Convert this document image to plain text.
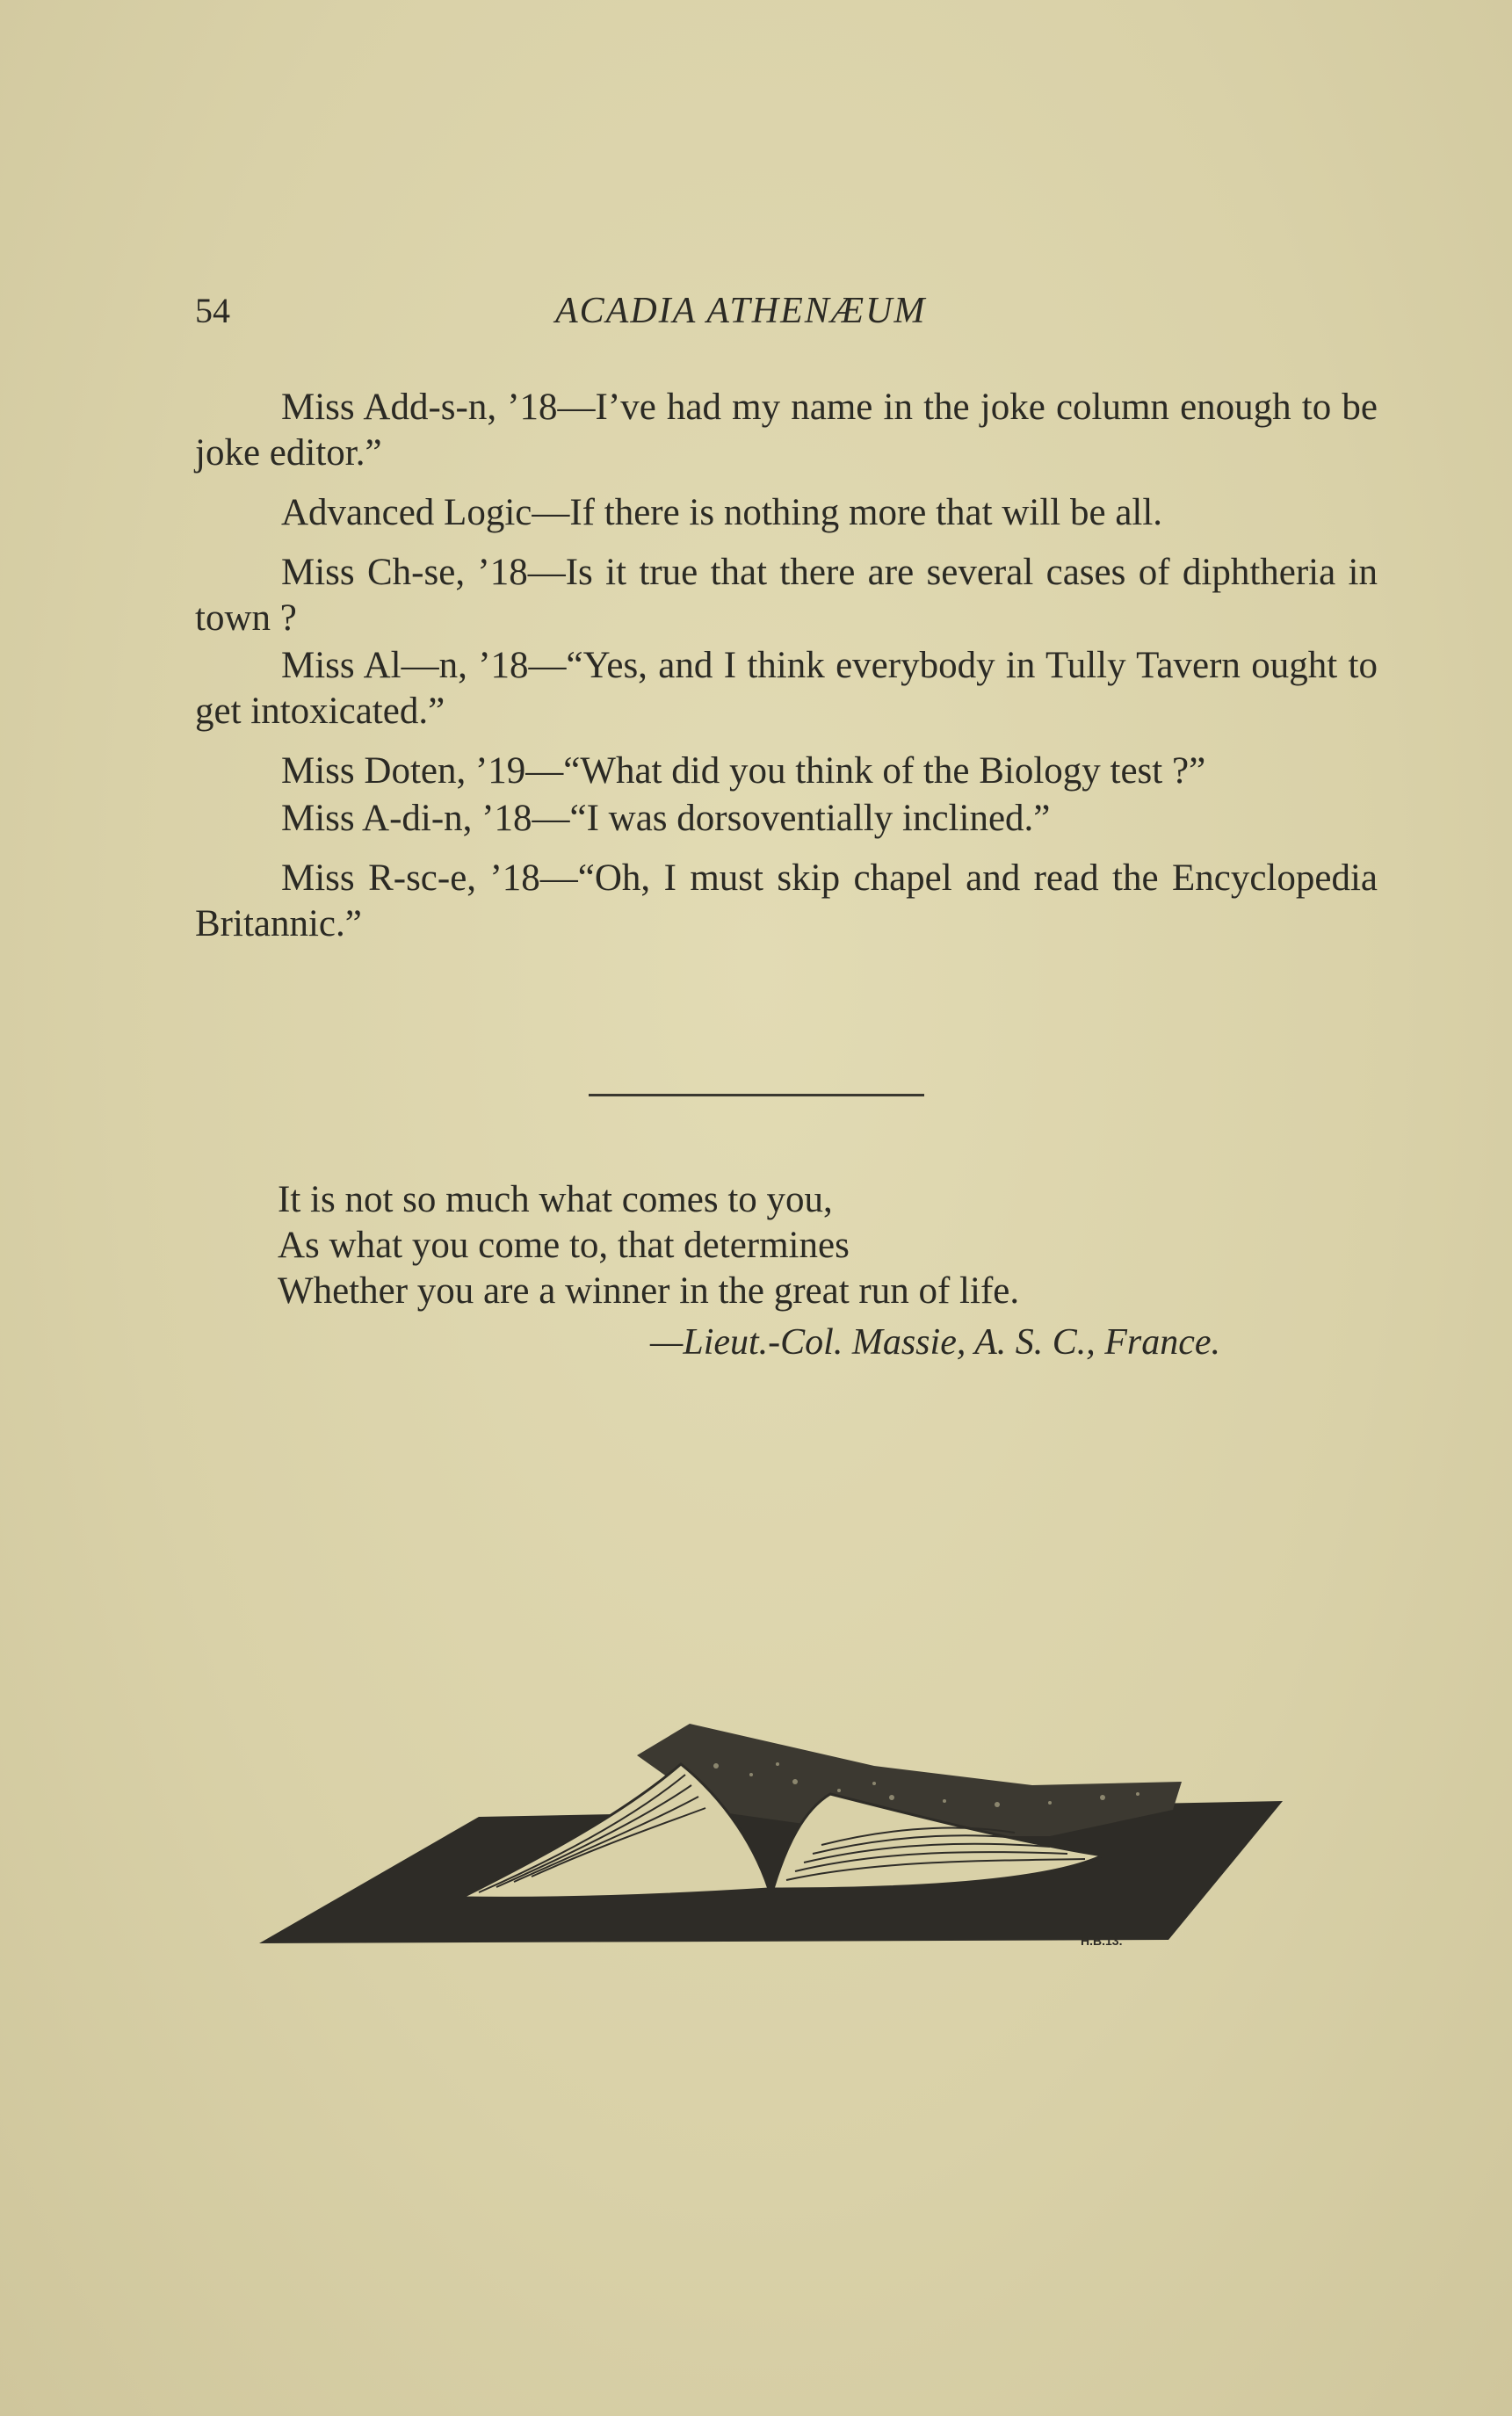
54	ACADIA ATHENÆUM

Miss Add-s-n, ’18—I’ve had my name in the joke column enough to be joke editor.”

Advanced Logic—If there is nothing more that will be all.

Miss Ch-se, ’18—Is it true that there are several cases of diphtheria in town ?

Miss Al—n, ’18—“Yes, and I think everybody in Tully Tavern ought to get intoxicated.”

Miss Doten, ’19—“What did you think of the Biology test ?”

Miss A-di-n, ’18—“I was dorsoventially inclined.”

Miss R-sc-e, ’18—“Oh, I must skip chapel and read the Encyclopedia Britannic.”

It is not so much what comes to you,
As what you come to, that determines
Whether you are a winner in the great run of life.
—Lieut.-Col. Massie, A. S. C., France.
H.B.13.
